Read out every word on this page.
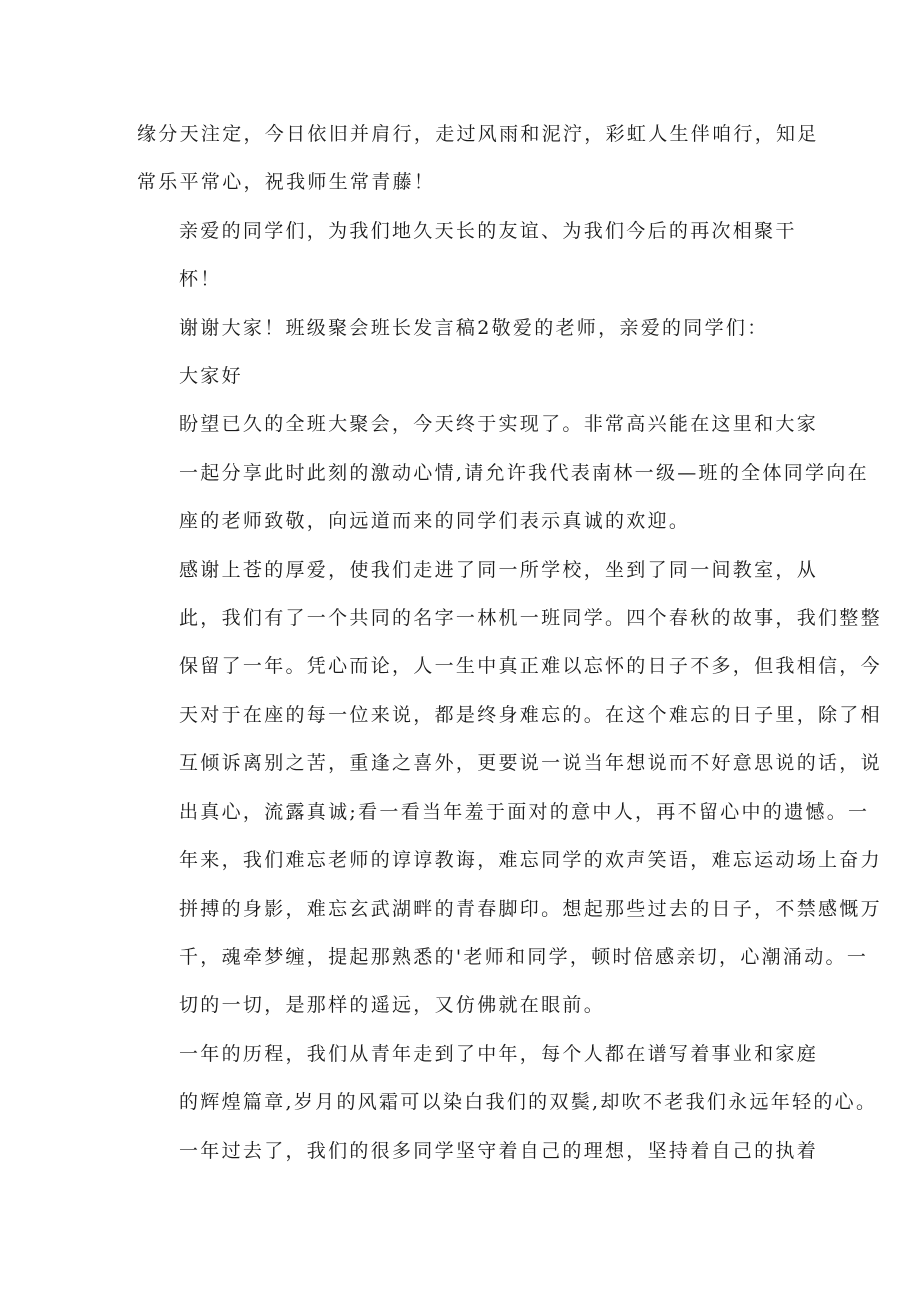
缘分天注定，今日依旧并肩行，走过风雨和泥泞，彩虹人生伴咱行，知足
常乐平常心，祝我师生常青藤！

亲爱的同学们，为我们地久天长的友谊、为我们今后的再次相聚干
杯！

谢谢大家！班级聚会班长发言稿2敬爱的老师，亲爱的同学们：

大家好

盼望已久的全班大聚会，今天终于实现了。非常高兴能在这里和大家
一起分享此时此刻的激动心情,请允许我代表南林一级—班的全体同学向在
座的老师致敬，向远道而来的同学们表示真诚的欢迎。

感谢上苍的厚爱，使我们走进了同一所学校，坐到了同一间教室，从
此，我们有了一个共同的名字一林机一班同学。四个春秋的故事，我们整整
保留了一年。凭心而论，人一生中真正难以忘怀的日子不多，但我相信，今
天对于在座的每一位来说，都是终身难忘的。在这个难忘的日子里，除了相
互倾诉离别之苦，重逢之喜外，更要说一说当年想说而不好意思说的话，说
出真心，流露真诚;看一看当年羞于面对的意中人，再不留心中的遗憾。一
年来，我们难忘老师的谆谆教诲，难忘同学的欢声笑语，难忘运动场上奋力
拼搏的身影，难忘玄武湖畔的青春脚印。想起那些过去的日子，不禁感慨万
千，魂牵梦缠，提起那熟悉的'老师和同学，顿时倍感亲切，心潮涌动。一
切的一切，是那样的遥远，又仿佛就在眼前。

一年的历程，我们从青年走到了中年，每个人都在谱写着事业和家庭
的辉煌篇章,岁月的风霜可以染白我们的双鬓,却吹不老我们永远年轻的心。

一年过去了，我们的很多同学坚守着自己的理想，坚持着自己的执着
